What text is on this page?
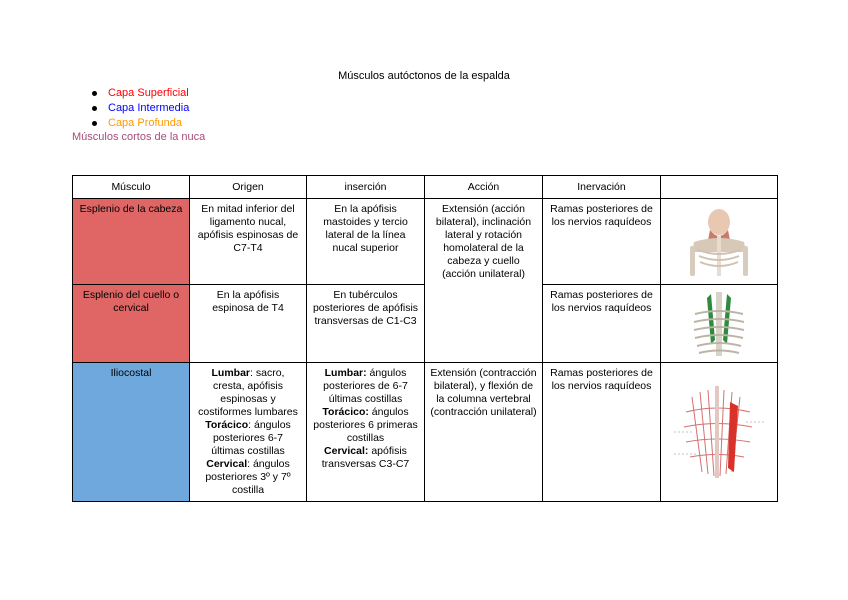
Músculos autóctonos de la espalda
Capa Superficial
Capa Intermedia
Capa Profunda
Músculos cortos de la nuca
Músculo	Origen	inserción	Acción	Inervación	
Esplenio de la cabeza	En mitad inferior del ligamento nucal, apófisis espinosas de C7-T4	En la apófisis mastoides y tercio lateral de la línea nucal superior	Extensión (acción bilateral), inclinación lateral y rotación homolateral de la cabeza y cuello (acción unilateral)	Ramas posteriores de los nervios raquídeos	

Esplenio del cuello o cervical	En la apófisis espinosa de T4	En tubérculos posteriores de apófisis transversas de C1-C3		Ramas posteriores de los nervios raquídeos	

Iliocostal	Lumbar: sacro, cresta, apófisis espinosas y costiformes lumbares
Torácico: ángulos posteriores 6-7 últimas costillas
Cervical: ángulos posteriores 3º y 7º costilla	Lumbar: ángulos posteriores de 6-7 últimas costillas
Torácico: ángulos posteriores 6 primeras costillas
Cervical: apófisis transversas C3-C7	Extensión (contracción bilateral), y flexión de la columna vertebral (contracción unilateral)	Ramas posteriores de los nervios raquídeos	
